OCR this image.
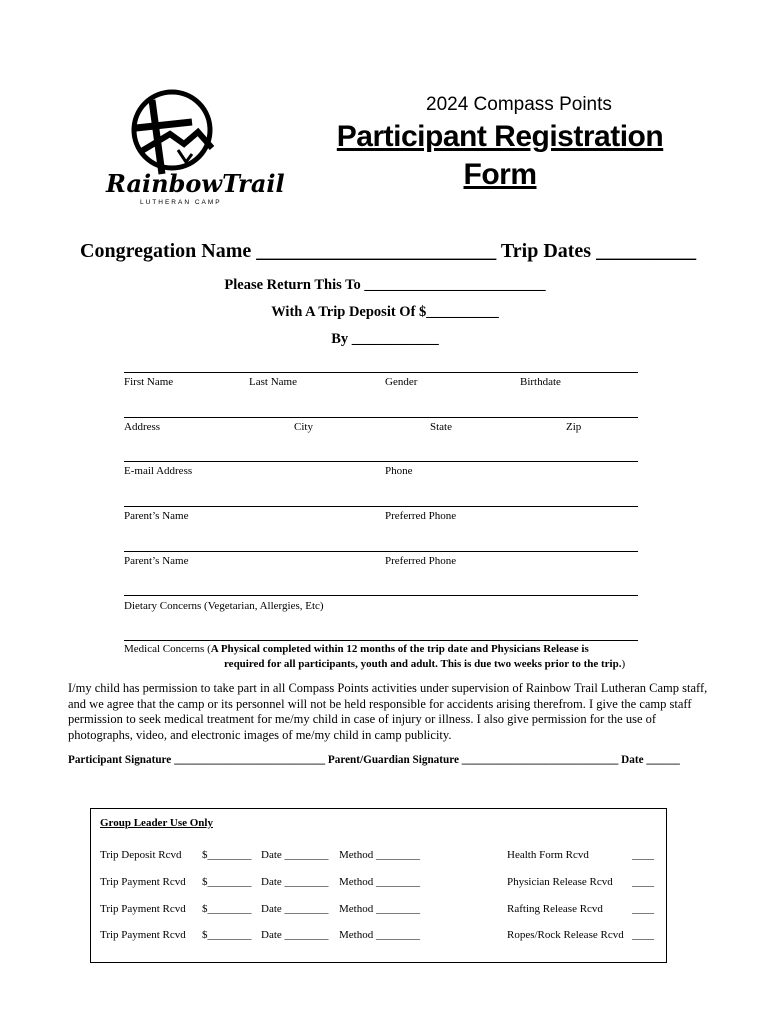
RainbowTrail
LUTHERAN CAMP
2024 Compass Points
Participant Registration
Form
Congregation Name ________________________ Trip Dates __________
Please Return This To _________________________
With A Trip Deposit Of $__________
By ____________
First Name	Last Name	Gender	Birthdate
Address	City	State	Zip
E-mail Address	Phone
Parent’s Name	Preferred Phone
Parent’s Name	Preferred Phone
Dietary Concerns (Vegetarian, Allergies, Etc)
Medical Concerns (A Physical completed within 12 months of the trip date and Physicians Release is
required for all participants, youth and adult. This is due two weeks prior to the trip.)
I/my child has permission to take part in all Compass Points activities under supervision of Rainbow Trail Lutheran Camp staff, and we agree that the camp or its personnel will not be held responsible for accidents arising therefrom. I give the camp staff permission to seek medical treatment for me/my child in case of injury or illness. I also give permission for the use of photographs, video, and electronic images of me/my child in camp publicity.
Participant Signature ___________________________ Parent/Guardian Signature ____________________________ Date ______
Group Leader Use Only
Trip Deposit Rcvd $________ Date ________ Method ________	Health Form Rcvd	____
Trip Payment Rcvd $________ Date ________ Method ________	Physician Release Rcvd ____
Trip Payment Rcvd $________ Date ________ Method ________	Rafting Release Rcvd	____
Trip Payment Rcvd $________ Date ________ Method ________	Ropes/Rock Release Rcvd ____
